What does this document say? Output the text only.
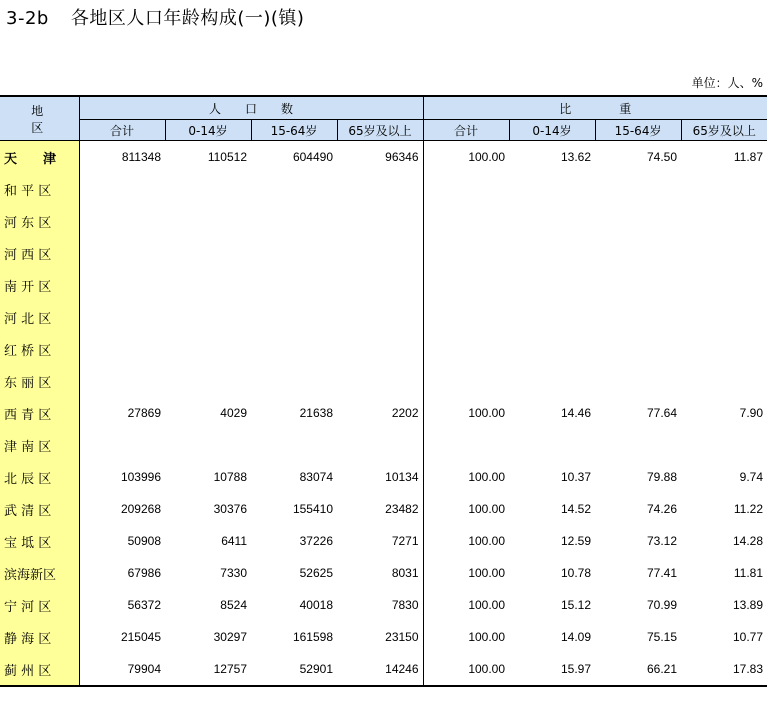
3-2b 各地区人口年龄构成(一)(镇)
单位：人、%
地 区	人　　口　　数				比　　　　重			
	合计	0-14岁	15-64岁	65岁及以上	合计	0-14岁	15-64岁	65岁及以上
天　　津	811348	110512	604490	96346	100.00	13.62	74.50	11.87
和 平 区								
河 东 区								
河 西 区								
南 开 区								
河 北 区								
红 桥 区								
东 丽 区								
西 青 区	27869	4029	21638	2202	100.00	14.46	77.64	7.90
津 南 区								
北 辰 区	103996	10788	83074	10134	100.00	10.37	79.88	9.74
武 清 区	209268	30376	155410	23482	100.00	14.52	74.26	11.22
宝 坻 区	50908	6411	37226	7271	100.00	12.59	73.12	14.28
滨海新区	67986	7330	52625	8031	100.00	10.78	77.41	11.81
宁 河 区	56372	8524	40018	7830	100.00	15.12	70.99	13.89
静 海 区	215045	30297	161598	23150	100.00	14.09	75.15	10.77
蓟 州 区	79904	12757	52901	14246	100.00	15.97	66.21	17.83
